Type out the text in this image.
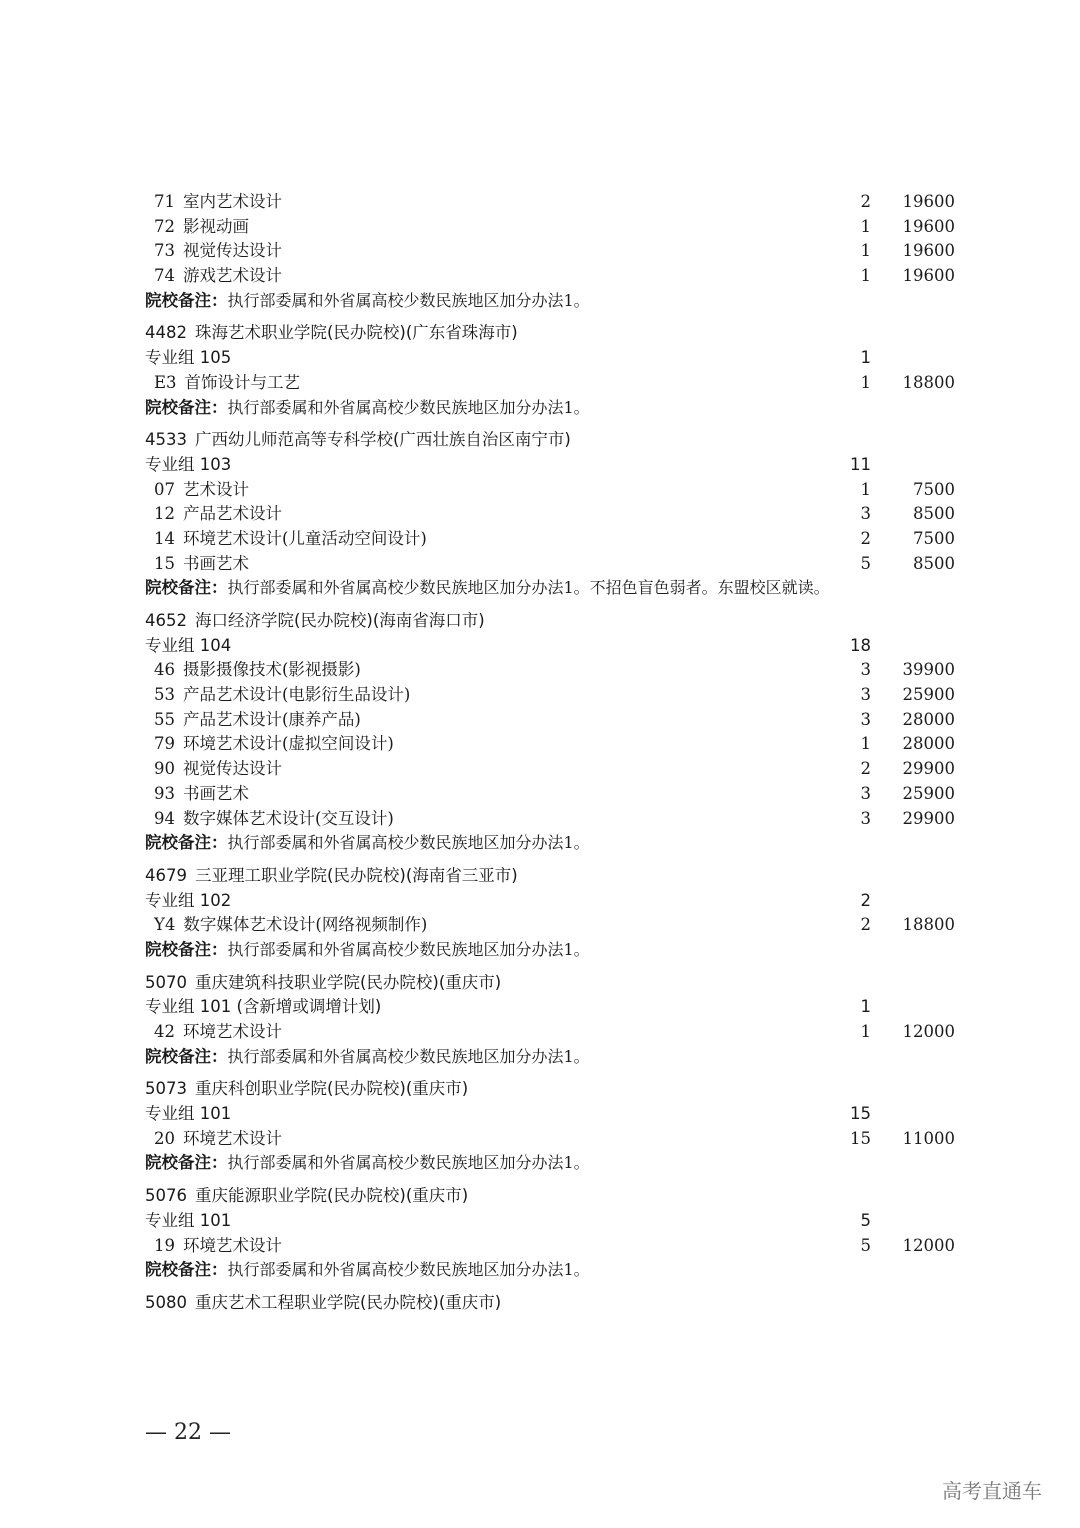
71 室内艺术设计	2	19600
72 影视动画	1	19600
73 视觉传达设计	1	19600
74 游戏艺术设计	1	19600
院校备注：执行部委属和外省属高校少数民族地区加分办法1。
4482 珠海艺术职业学院(民办院校)(广东省珠海市)
专业组 105	1
E3 首饰设计与工艺	1	18800
院校备注：执行部委属和外省属高校少数民族地区加分办法1。
4533 广西幼儿师范高等专科学校(广西壮族自治区南宁市)
专业组 103	11
07 艺术设计	1	7500
12 产品艺术设计	3	8500
14 环境艺术设计(儿童活动空间设计)	2	7500
15 书画艺术	5	8500
院校备注：执行部委属和外省属高校少数民族地区加分办法1。不招色盲色弱者。东盟校区就读。
4652 海口经济学院(民办院校)(海南省海口市)
专业组 104	18
46 摄影摄像技术(影视摄影)	3	39900
53 产品艺术设计(电影衍生品设计)	3	25900
55 产品艺术设计(康养产品)	3	28000
79 环境艺术设计(虚拟空间设计)	1	28000
90 视觉传达设计	2	29900
93 书画艺术	3	25900
94 数字媒体艺术设计(交互设计)	3	29900
院校备注：执行部委属和外省属高校少数民族地区加分办法1。
4679 三亚理工职业学院(民办院校)(海南省三亚市)
专业组 102	2
Y4 数字媒体艺术设计(网络视频制作)	2	18800
院校备注：执行部委属和外省属高校少数民族地区加分办法1。
5070 重庆建筑科技职业学院(民办院校)(重庆市)
专业组 101 (含新增或调增计划)	1
42 环境艺术设计	1	12000
院校备注：执行部委属和外省属高校少数民族地区加分办法1。
5073 重庆科创职业学院(民办院校)(重庆市)
专业组 101	15
20 环境艺术设计	15	11000
院校备注：执行部委属和外省属高校少数民族地区加分办法1。
5076 重庆能源职业学院(民办院校)(重庆市)
专业组 101	5
19 环境艺术设计	5	12000
院校备注：执行部委属和外省属高校少数民族地区加分办法1。
5080 重庆艺术工程职业学院(民办院校)(重庆市)
— 22 —
高考直通车
